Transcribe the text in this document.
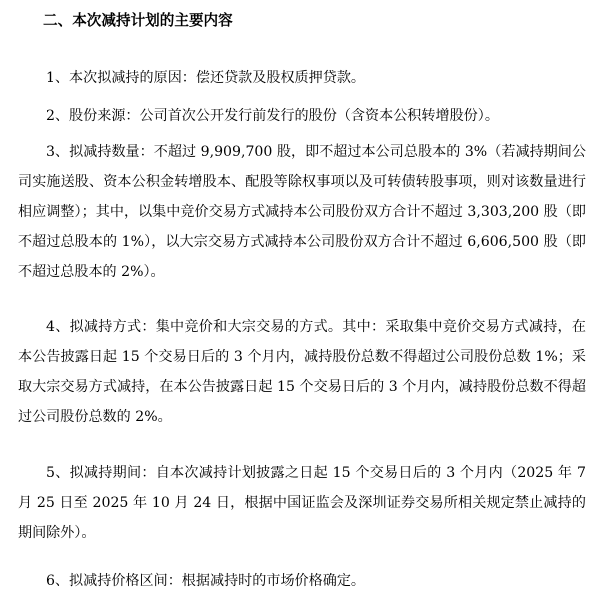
二、本次减持计划的主要内容

1、本次拟减持的原因：偿还贷款及股权质押贷款。

2、股份来源：公司首次公开发行前发行的股份（含资本公积转增股份）。

3、拟减持数量：不超过 9,909,700 股，即不超过本公司总股本的 3%（若减持期间公司实施送股、资本公积金转增股本、配股等除权事项以及可转债转股事项，则对该数量进行相应调整）；其中，以集中竞价交易方式减持本公司股份双方合计不超过 3,303,200 股（即不超过总股本的 1%），以大宗交易方式减持本公司股份双方合计不超过 6,606,500 股（即不超过总股本的 2%）。

4、拟减持方式：集中竞价和大宗交易的方式。其中：采取集中竞价交易方式减持，在本公告披露日起 15 个交易日后的 3 个月内，减持股份总数不得超过公司股份总数 1%；采取大宗交易方式减持，在本公告披露日起 15 个交易日后的 3 个月内，减持股份总数不得超过公司股份总数的 2%。

5、拟减持期间：自本次减持计划披露之日起 15 个交易日后的 3 个月内（2025 年 7 月 25 日至 2025 年 10 月 24 日，根据中国证监会及深圳证券交易所相关规定禁止减持的期间除外）。

6、拟减持价格区间：根据减持时的市场价格确定。
